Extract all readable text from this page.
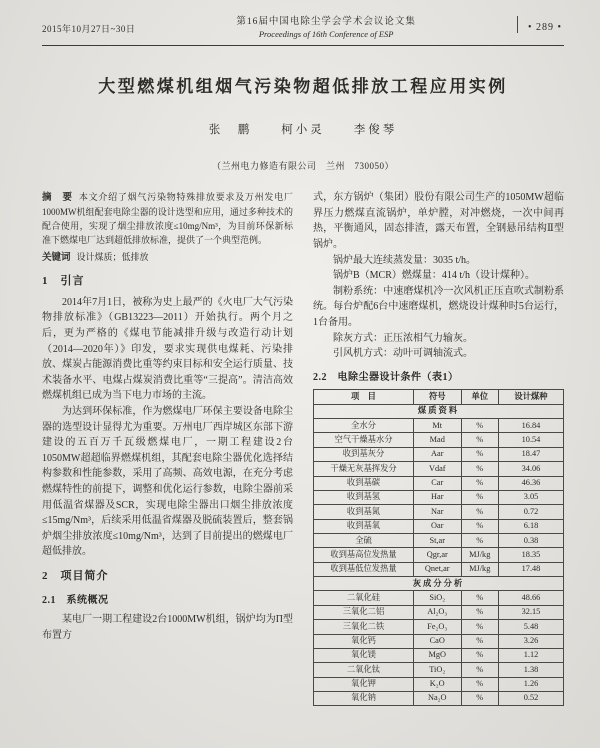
2015年10月27日~30日
第16届中国电除尘学会学术会议论文集
Proceedings of 16th Conference of ESP
• 289 •
大型燃煤机组烟气污染物超低排放工程应用实例
张　鹏　　柯小灵　　李俊琴
（兰州电力修造有限公司　兰州　730050）

摘　要 本文介绍了烟气污染物特殊排放要求及万州发电厂1000MW机组配套电除尘器的设计选型和应用，通过多种技术的配合使用，实现了烟尘排放浓度≤10mg/Nm³，为目前环保新标准下燃煤电厂达到超低排放标准，提供了一个典型范例。

关键词 设计煤质；低排放

1　引言

2014年7月1日，被称为史上最严的《火电厂大气污染物排放标准》（GB13223—2011）开始执行。两个月之后，更为严格的《煤电节能减排升级与改造行动计划（2014—2020年）》印发，要求实现供电煤耗、污染排放、煤炭占能源消费比重等约束目标和安全运行质量、技术装备水平、电煤占煤炭消费比重等“三提高”。清洁高效燃煤机组已成为当下电力市场的主流。

为达到环保标准，作为燃煤电厂环保主要设备电除尘器的选型设计显得尤为重要。万州电厂西岸城区东部下游建设的五百万千瓦级燃煤电厂，一期工程建设2台1050MW超超临界燃煤机组，其配套电除尘器优化选择结构参数和性能参数，采用了高频、高效电源，在充分考虑燃煤特性的前提下，调整和优化运行参数，电除尘器前采用低温省煤器及SCR，实现电除尘器出口烟尘排放浓度≤15mg/Nm³，后续采用低温省煤器及脱硫装置后，整套锅炉烟尘排放浓度≤10mg/Nm³，达到了目前提出的燃煤电厂超低排放。

2　项目简介
2.1　系统概况

某电厂一期工程建设2台1000MW机组，锅炉均为Π型布置方

式，东方锅炉（集团）股份有限公司生产的1050MW超临界压力燃煤直流锅炉，单炉膛，对冲燃烧，一次中间再热，平衡通风，固态排渣，露天布置，全钢悬吊结构Ⅱ型锅炉。

锅炉最大连续蒸发量：3035 t/h。

锅炉B（MCR）燃煤量：414 t/h（设计煤种）。

制粉系统：中速磨煤机冷一次风机正压直吹式制粉系统。每台炉配6台中速磨煤机，燃烧设计煤种时5台运行，1台备用。

除灰方式：正压浓相气力输灰。

引风机方式：动叶可调轴流式。

2.2　电除尘器设计条件（表1）
项　目	符号	单位	设计煤种
煤质资料			
全水分	Mt	%	16.84
空气干燥基水分	Mad	%	10.54
收到基灰分	Aar	%	18.47
干燥无灰基挥发分	Vdaf	%	34.06
收到基碳	Car	%	46.36
收到基氢	Har	%	3.05
收到基氮	Nar	%	0.72
收到基氧	Oar	%	6.18
全硫	St,ar	%	0.38
收到基高位发热量	Qgr,ar	MJ/kg	18.35
收到基低位发热量	Qnet,ar	MJ/kg	17.48
灰成分分析			
二氧化硅	SiO₂	%	48.66
三氧化二铝	Al₂O₃	%	32.15
三氧化二铁	Fe₂O₃	%	5.48
氧化钙	CaO	%	3.26
氧化镁	MgO	%	1.12
二氧化钛	TiO₂	%	1.38
氧化钾	K₂O	%	1.26
氧化钠	Na₂O	%	0.52
